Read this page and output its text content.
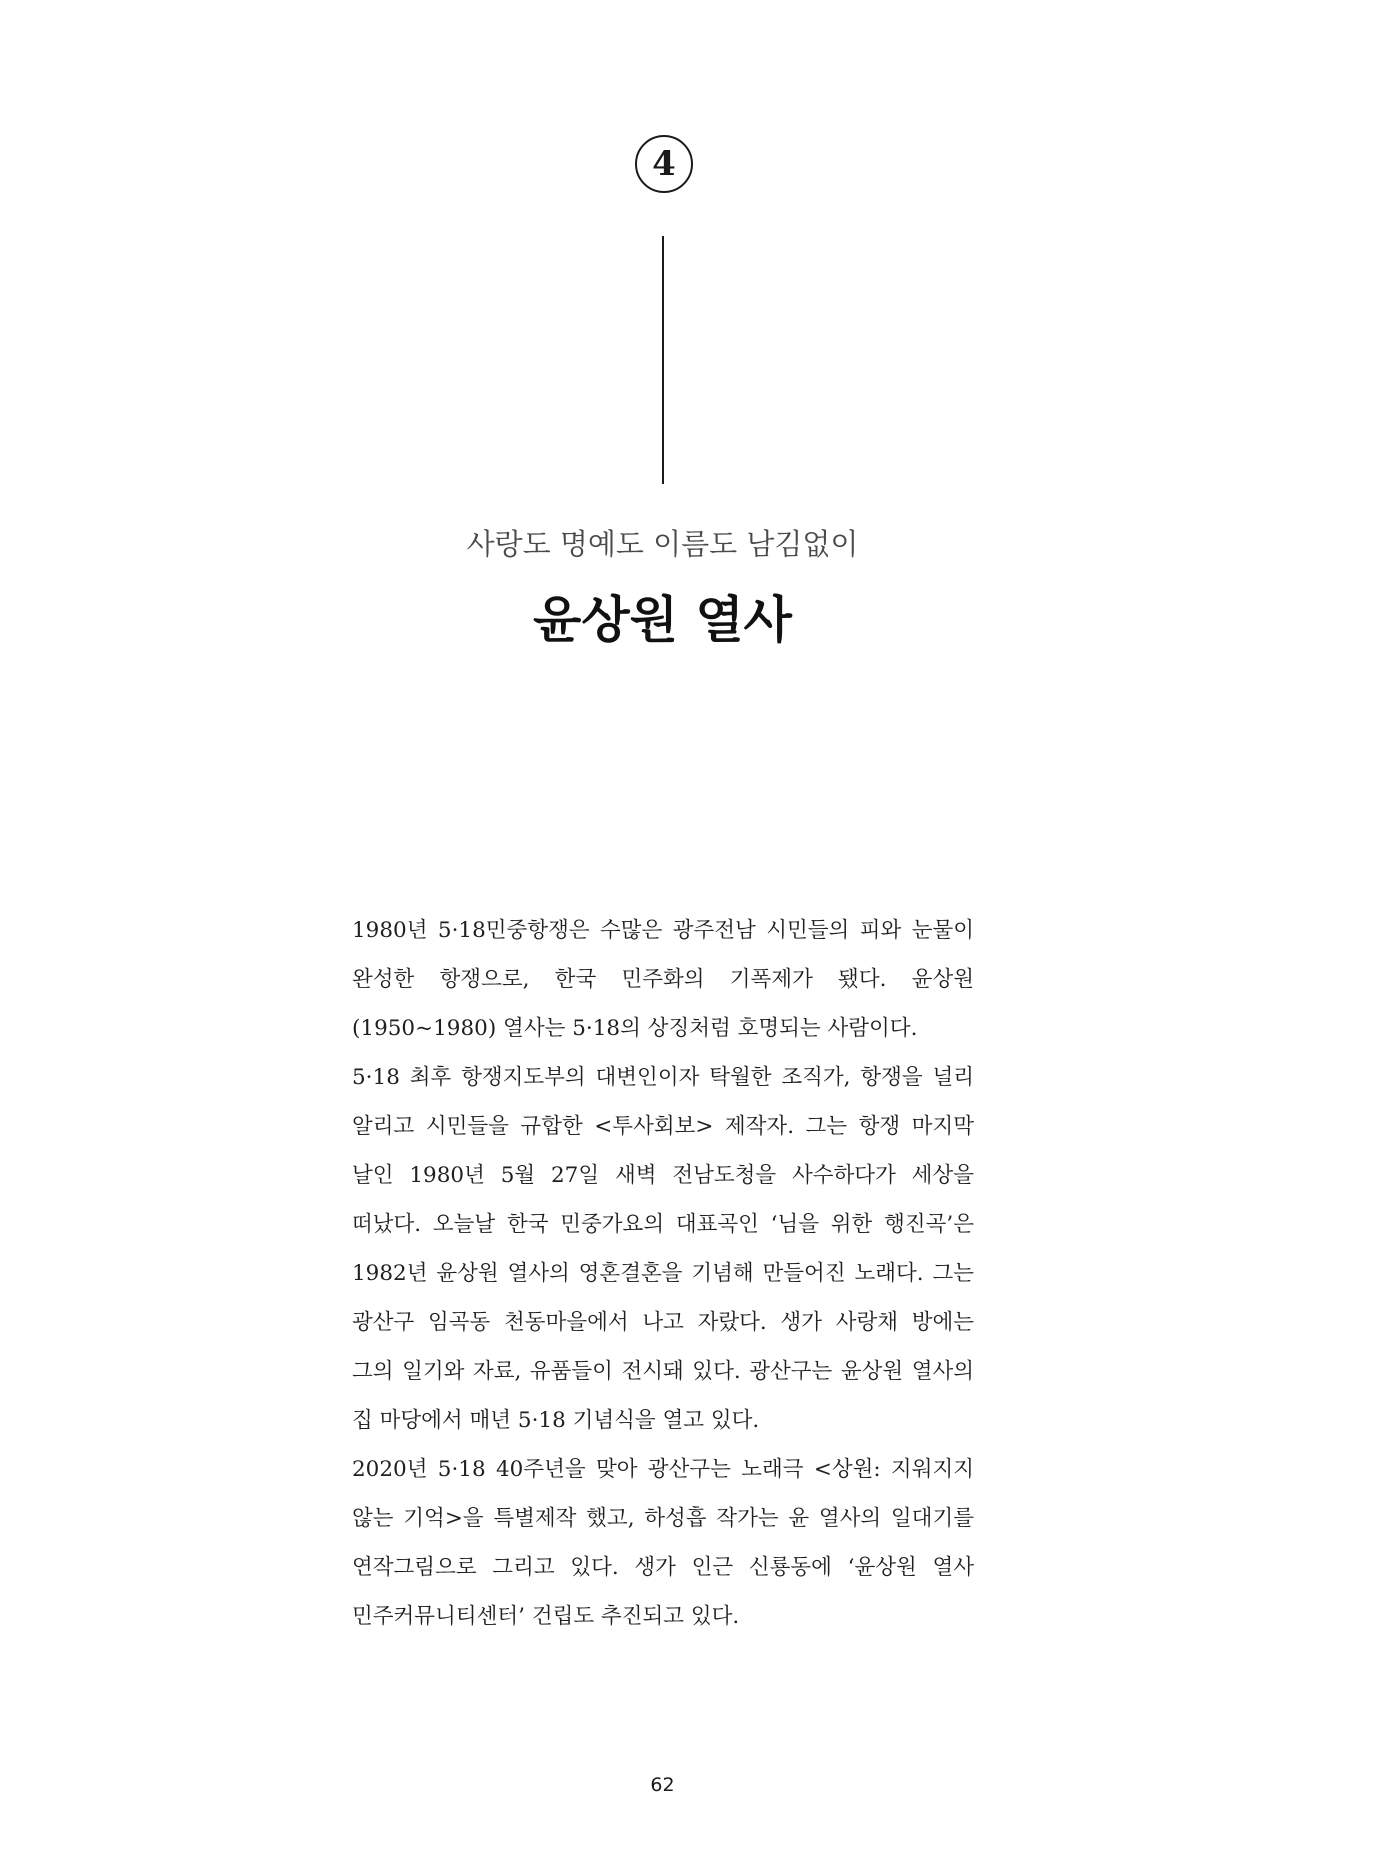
4
사랑도 명예도 이름도 남김없이
윤상원 열사

1980년 5·18민중항쟁은 수많은 광주전남 시민들의 피와 눈물이 완성한 항쟁으로, 한국 민주화의 기폭제가 됐다. 윤상원(1950~1980) 열사는 5·18의 상징처럼 호명되는 사람이다.

5·18 최후 항쟁지도부의 대변인이자 탁월한 조직가, 항쟁을 널리 알리고 시민들을 규합한 <투사회보> 제작자. 그는 항쟁 마지막 날인 1980년 5월 27일 새벽 전남도청을 사수하다가 세상을 떠났다. 오늘날 한국 민중가요의 대표곡인 ‘님을 위한 행진곡’은 1982년 윤상원 열사의 영혼결혼을 기념해 만들어진 노래다. 그는 광산구 임곡동 천동마을에서 나고 자랐다. 생가 사랑채 방에는 그의 일기와 자료, 유품들이 전시돼 있다. 광산구는 윤상원 열사의 집 마당에서 매년 5·18 기념식을 열고 있다.

2020년 5·18 40주년을 맞아 광산구는 노래극 <상원: 지워지지 않는 기억>을 특별제작 했고, 하성흡 작가는 윤 열사의 일대기를 연작그림으로 그리고 있다. 생가 인근 신룡동에 ‘윤상원 열사 민주커뮤니티센터’ 건립도 추진되고 있다.

62
